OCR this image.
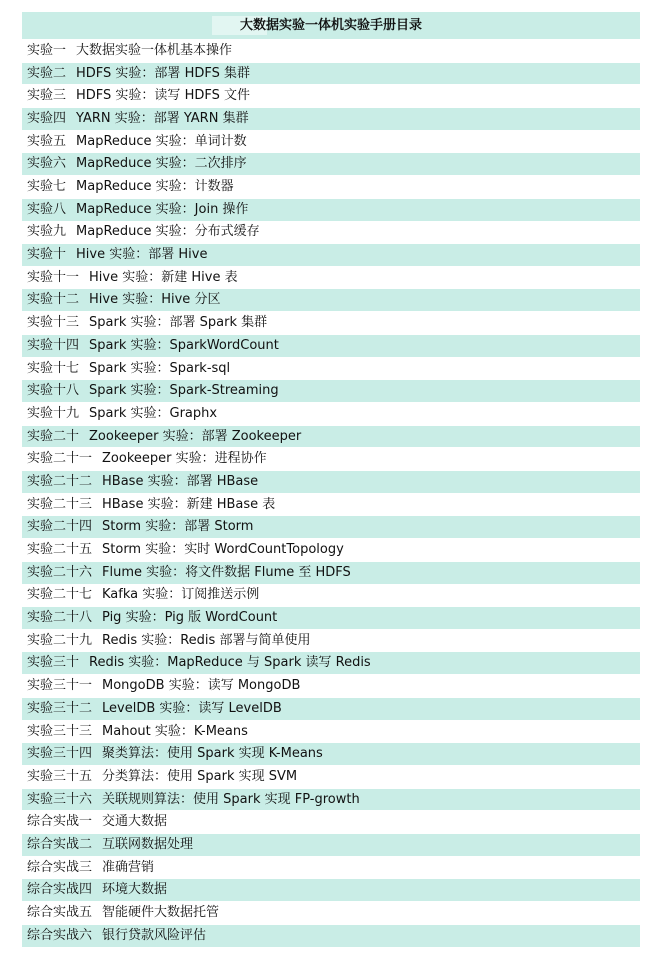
大数据实验一体机实验手册目录
实验一 大数据实验一体机基本操作
实验二 HDFS 实验：部署 HDFS 集群
实验三 HDFS 实验：读写 HDFS 文件
实验四 YARN 实验：部署 YARN 集群
实验五 MapReduce 实验：单词计数
实验六 MapReduce 实验：二次排序
实验七 MapReduce 实验：计数器
实验八 MapReduce 实验：Join 操作
实验九 MapReduce 实验：分布式缓存
实验十 Hive 实验：部署 Hive
实验十一 Hive 实验：新建 Hive 表
实验十二 Hive 实验：Hive 分区
实验十三 Spark 实验：部署 Spark 集群
实验十四 Spark 实验：SparkWordCount
实验十七 Spark 实验：Spark-sql
实验十八 Spark 实验：Spark-Streaming
实验十九 Spark 实验：Graphx
实验二十 Zookeeper 实验：部署 Zookeeper
实验二十一 Zookeeper 实验：进程协作
实验二十二 HBase 实验：部署 HBase
实验二十三 HBase 实验：新建 HBase 表
实验二十四 Storm 实验：部署 Storm
实验二十五 Storm 实验：实时 WordCountTopology
实验二十六 Flume 实验：将文件数据 Flume 至 HDFS
实验二十七 Kafka 实验：订阅推送示例
实验二十八 Pig 实验：Pig 版 WordCount
实验二十九 Redis 实验：Redis 部署与简单使用
实验三十 Redis 实验：MapReduce 与 Spark 读写 Redis
实验三十一 MongoDB 实验：读写 MongoDB
实验三十二 LevelDB 实验：读写 LevelDB
实验三十三 Mahout 实验：K-Means
实验三十四 聚类算法：使用 Spark 实现 K-Means
实验三十五 分类算法：使用 Spark 实现 SVM
实验三十六 关联规则算法：使用 Spark 实现 FP-growth
综合实战一 交通大数据
综合实战二 互联网数据处理
综合实战三 准确营销
综合实战四 环境大数据
综合实战五 智能硬件大数据托管
综合实战六 银行贷款风险评估
